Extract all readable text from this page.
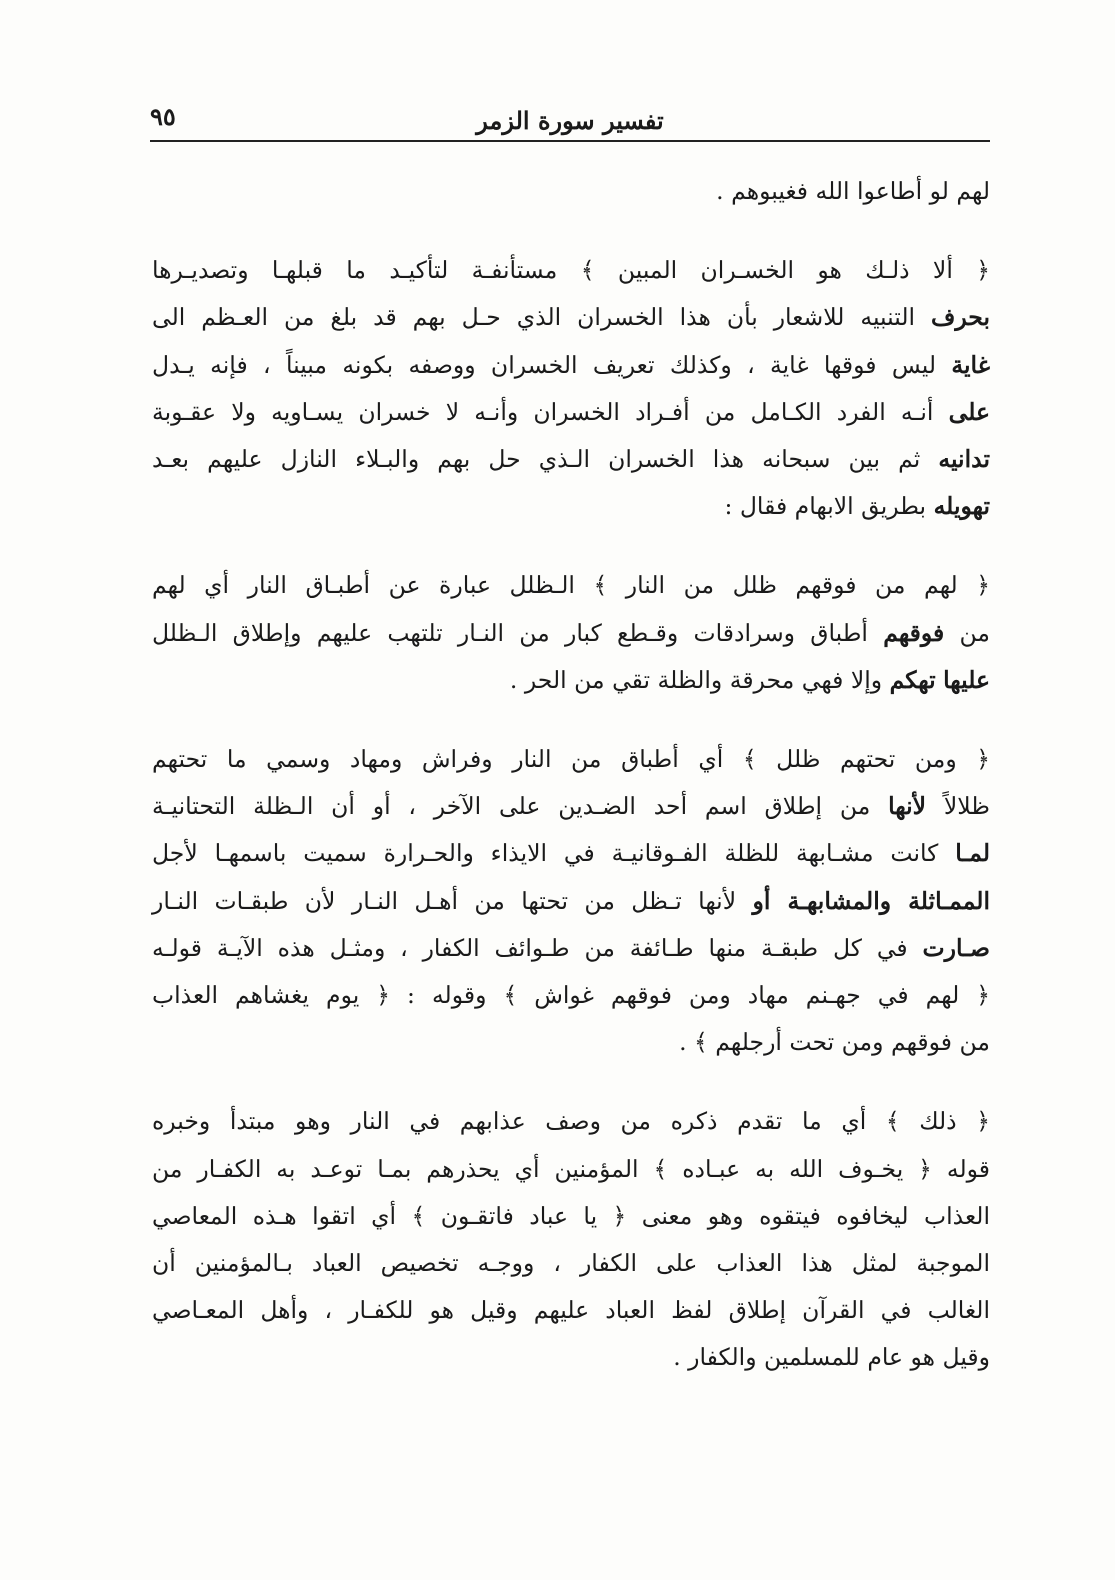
تفسير سورة الزمر
٩٥

لهم لو أطاعوا الله فغيبوهم .

﴿ ألا ذلـك هو الخسـران المبين ﴾ مستأنفـة لتأكيـد ما قبلهـا وتصديـرها
بحرف التنبيه للاشعار بأن هذا الخسران الذي حـل بهم قد بلغ من العـظم الى
غاية ليس فوقها غاية ، وكذلك تعريف الخسران ووصفه بكونه مبيناً ، فإنه يـدل
على أنـه الفرد الكـامل من أفـراد الخسران وأنـه لا خسران يسـاويه ولا عقـوبة
تدانيه ثم بين سبحانه هذا الخسران الـذي حل بهم والبـلاء النازل عليهم بعـد
تهويله بطريق الابهام فقال :

﴿ لهم من فوقهم ظلل من النار ﴾ الـظلل عبارة عن أطبـاق النار أي لهم
من فوقهم أطباق وسرادقات وقـطع كبار من النـار تلتهب عليهم وإطلاق الـظلل
عليها تهكم وإلا فهي محرقة والظلة تقي من الحر .

﴿ ومن تحتهم ظلل ﴾ أي أطباق من النار وفراش ومهاد وسمي ما تحتهم
ظلالاً لأنها من إطلاق اسم أحد الضـدين على الآخر ، أو أن الـظلة التحتانيـة
لمـا كانت مشـابهة للظلة الفـوقانيـة في الايذاء والحـرارة سميت باسمهـا لأجل
الممـاثلة والمشابهـة أو لأنها تـظل من تحتها من أهـل النـار لأن طبقـات النـار
صـارت في كل طبقـة منها طـائفة من طـوائف الكفار ، ومثـل هذه الآيـة قولـه
﴿ لهم في جهـنم مهاد ومن فوقهم غواش ﴾ وقوله : ﴿ يوم يغشاهم العذاب
من فوقهم ومن تحت أرجلهم ﴾ .

﴿ ذلك ﴾ أي ما تقدم ذكره من وصف عذابهم في النار وهو مبتدأ وخبره
قوله ﴿ يخـوف الله به عبـاده ﴾ المؤمنين أي يحذرهم بمـا توعـد به الكفـار من
العذاب ليخافوه فيتقوه وهو معنى ﴿ يا عباد فاتقـون ﴾ أي اتقوا هـذه المعاصي
الموجبة لمثل هذا العذاب على الكفار ، ووجـه تخصيص العباد بـالمؤمنين أن
الغالب في القرآن إطلاق لفظ العباد عليهم وقيل هو للكفـار ، وأهل المعـاصي
وقيل هو عام للمسلمين والكفار .
